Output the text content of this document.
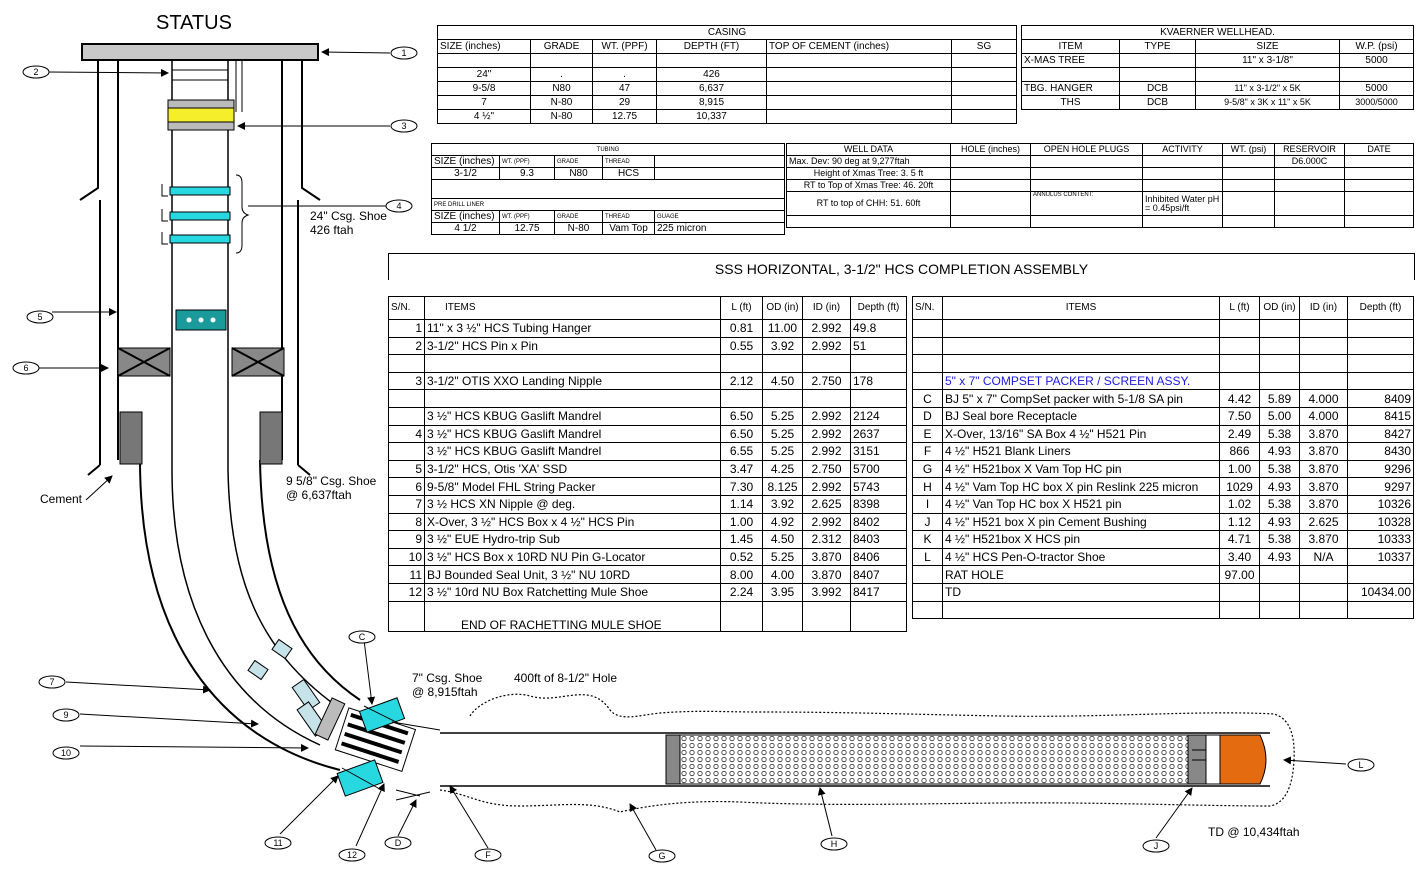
1
2
3
4
5
6
7
9
10
11
12
C
D
F	G
H	J
L
STATUS
24" Csg. Shoe
426 ftah
9 5/8" Csg. Shoe
@ 6,637ftah
Cement
7" Csg. Shoe
@ 8,915ftah
400ft of 8-1/2" Hole
TD @ 10,434ftah
CASING					
SIZE (inches)	GRADE	WT. (PPF)	DEPTH (FT)	TOP OF CEMENT (inches)	SG

24"	.	.	426		
9-5/8	N80	47	6,637		
7	N-80	29	8,915		
4 ½"	N-80	12.75	10,337		
KVAERNER WELLHEAD.			
ITEM	TYPE	SIZE	W.P. (psi)
X-MAS TREE		11" x 3-1/8"	5000

TBG. HANGER	DCB	11" x 3-1/2" x 5K	5000
THS	DCB	9-5/8" x 3K x 11" x 5K	3000/5000
TUBING				
SIZE (inches)	WT. (PPF)	GRADE	THREAD	
3-1/2	9.3	N80	HCS	

PRE DRILL LINER				
SIZE (inches)	WT. (PPF)	GRADE	THREAD	GUAGE
4 1/2	12.75	N-80	Vam Top	225 micron
WELL DATA	HOLE (inches)	OPEN HOLE PLUGS	ACTIVITY	WT. (psi)	RESERVOIR	DATE
Max. Dev: 90 deg at 9,277ftah					D6.000C	
Height of Xmas Tree: 3. 5 ft						
RT to Top of Xmas Tree: 46. 20ft						
RT to top of CHH: 51. 60ft		ANNULUS CONTENT:	Inhibited Water pH = 0.45psi/ft			

SSS HORIZONTAL, 3-1/2" HCS COMPLETION ASSEMBLY
S/N.	ITEMS	L (ft)	OD (in)	ID (in)	Depth (ft)
1	11" x 3 ½" HCS Tubing Hanger	0.81	11.00	2.992	49.8
2	3-1/2" HCS Pin x Pin	0.55	3.92	2.992	51

3	3-1/2" OTIS XXO Landing Nipple	2.12	4.50	2.750	178

	3 ½" HCS KBUG Gaslift Mandrel	6.50	5.25	2.992	2124
4	3 ½" HCS KBUG Gaslift Mandrel	6.50	5.25	2.992	2637
	3 ½" HCS KBUG Gaslift Mandrel	6.55	5.25	2.992	3151
5	3-1/2" HCS, Otis 'XA' SSD	3.47	4.25	2.750	5700
6	9-5/8" Model FHL String Packer	7.30	8.125	2.992	5743
7	3 ½ HCS XN Nipple @ deg.	1.14	3.92	2.625	8398
8	X-Over, 3 ½" HCS Box x 4 ½" HCS Pin	1.00	4.92	2.992	8402
9	3 ½" EUE Hydro-trip Sub	1.45	4.50	2.312	8403
10	3 ½" HCS Box x 10RD NU Pin G-Locator	0.52	5.25	3.870	8406
11	BJ Bounded Seal Unit, 3 ½" NU 10RD	8.00	4.00	3.870	8407
12	3 ½" 10rd NU Box Ratchetting Mule Shoe	2.24	3.95	3.992	8417
	END OF RACHETTING MULE SHOE				
S/N.	ITEMS	L (ft)	OD (in)	ID (in)	Depth (ft)

	5" x 7" COMPSET PACKER / SCREEN ASSY.				
C	BJ 5" x 7" CompSet packer with 5-1/8 SA pin	4.42	5.89	4.000	8409
D	BJ Seal bore Receptacle	7.50	5.00	4.000	8415
E	X-Over, 13/16" SA Box 4 ½" H521 Pin	2.49	5.38	3.870	8427
F	4 ½" H521 Blank Liners	866	4.93	3.870	8430
G	4 ½" H521box X Vam Top HC pin	1.00	5.38	3.870	9296
H	4 ½" Vam Top HC box X pin Reslink 225 micron	1029	4.93	3.870	9297
I	4 ½" Van Top HC box X H521 pin	1.02	5.38	3.870	10326
J	4 ½" H521 box X pin Cement Bushing	1.12	4.93	2.625	10328
K	4 ½" H521box X HCS pin	4.71	5.38	3.870	10333
L	4 ½" HCS Pen-O-tractor Shoe	3.40	4.93	N/A	10337
	RAT HOLE	97.00			
	TD				10434.00
